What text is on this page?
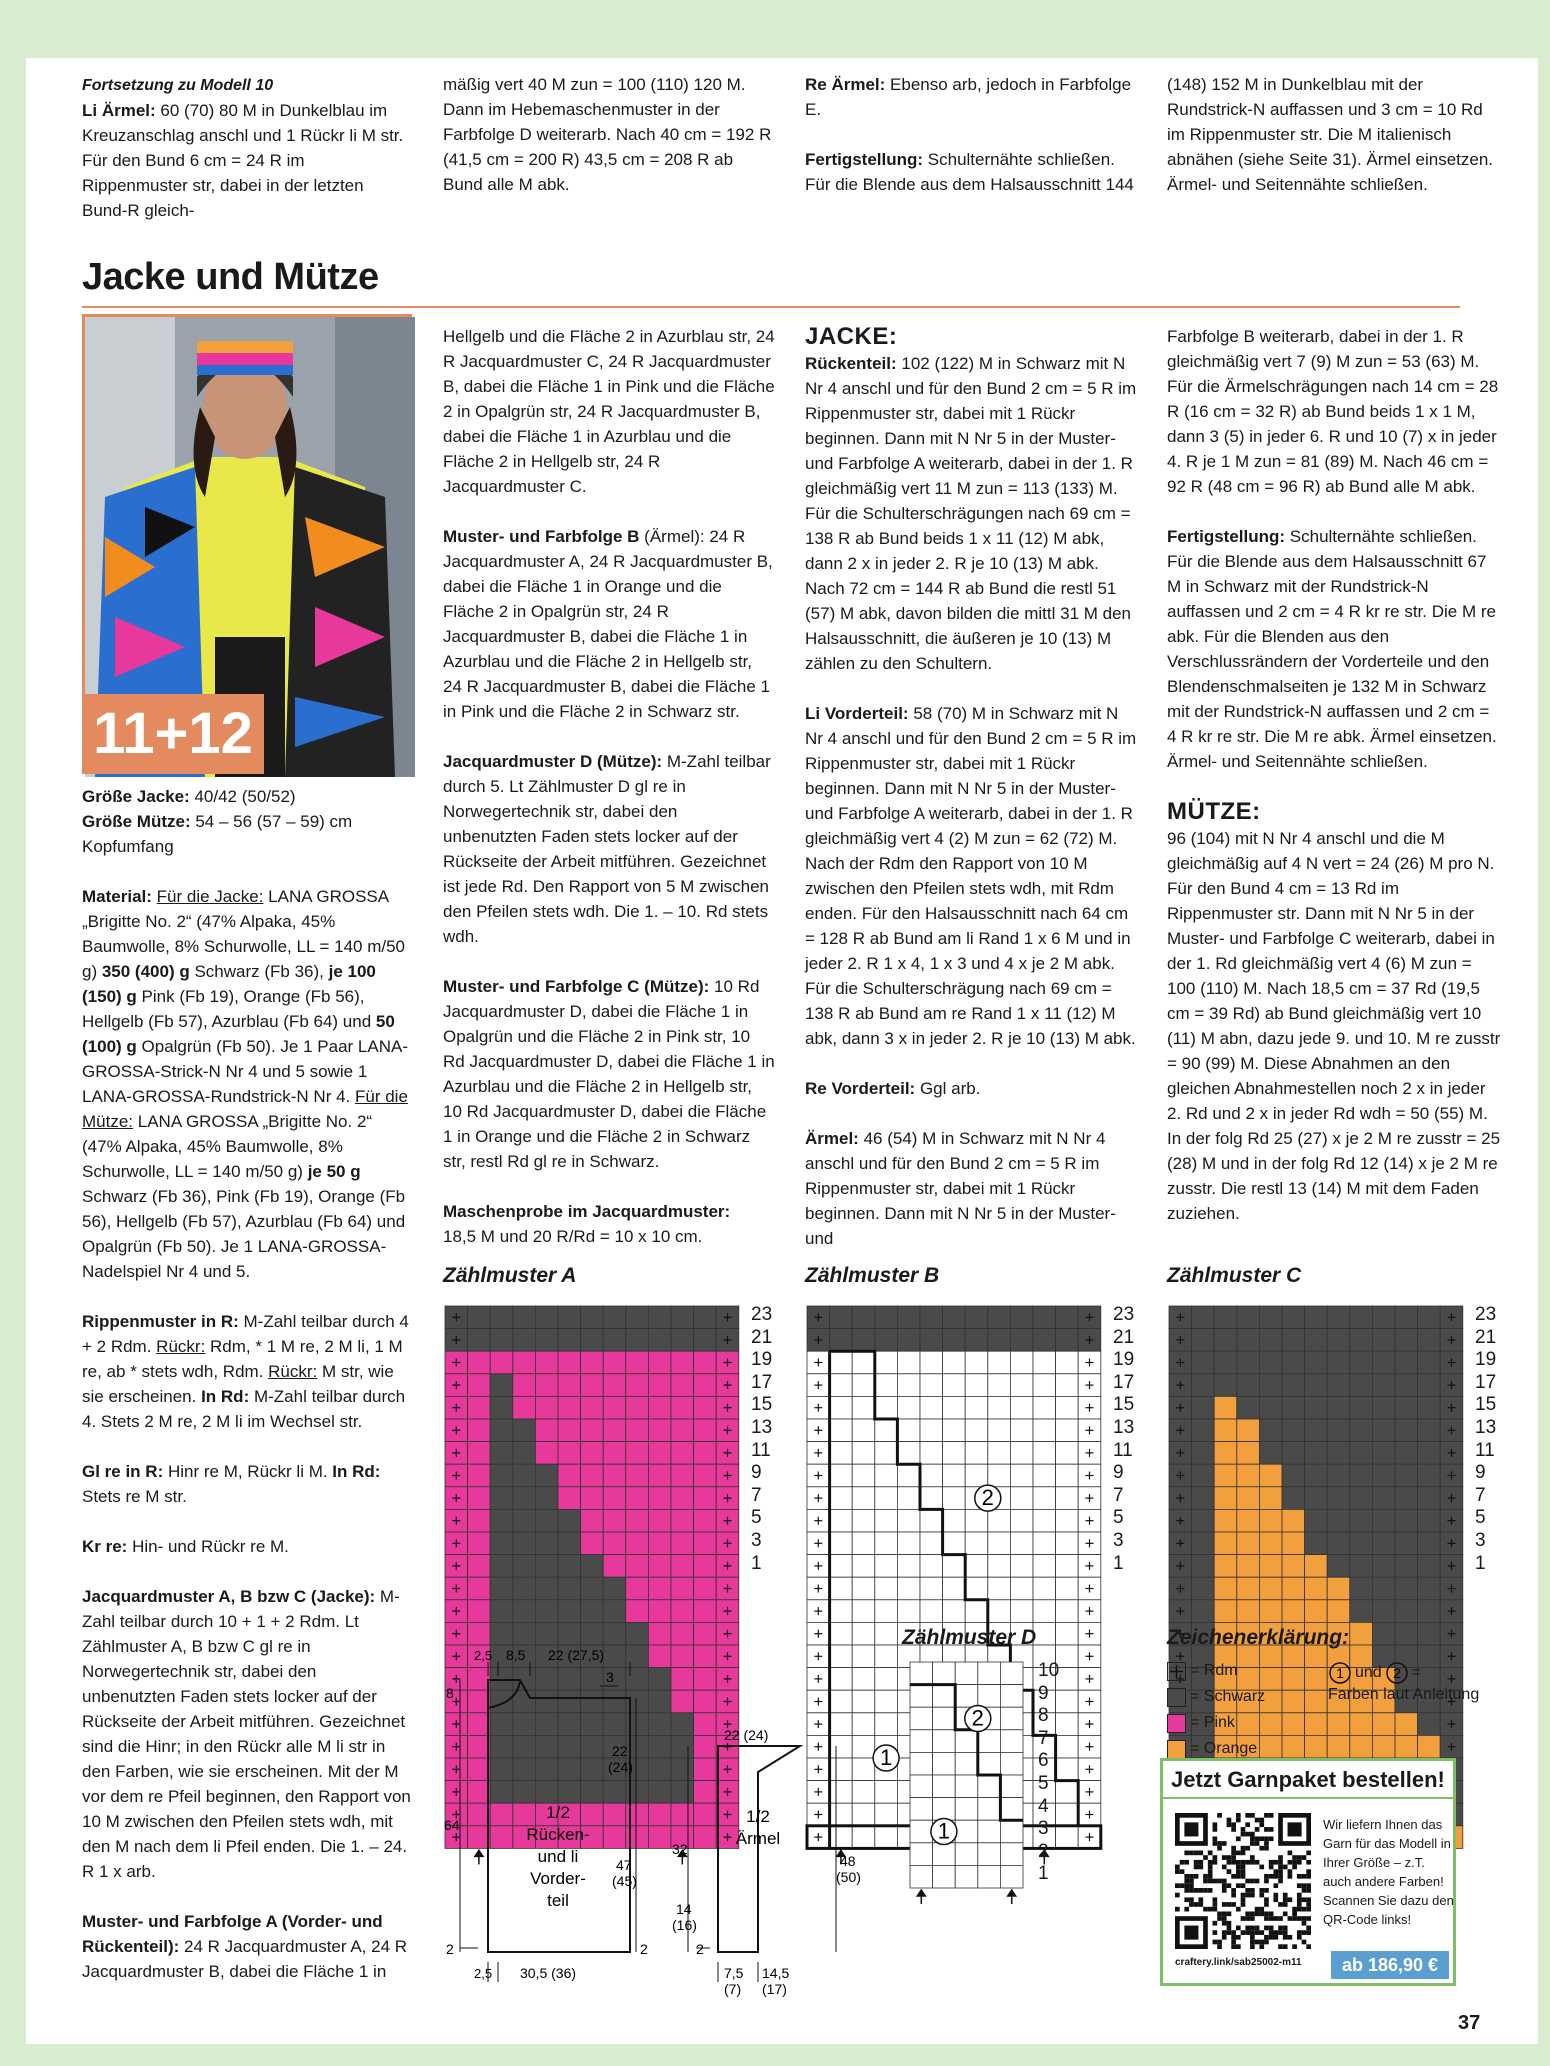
Fortsetzung zu Modell 10
Li Ärmel: 60 (70) 80 M in Dunkelblau im Kreuzanschlag anschl und 1 Rückr li M str. Für den Bund 6 cm = 24 R im Rippenmuster str, dabei in der letzten Bund-R gleich-
mäßig vert 40 M zun = 100 (110) 120 M. Dann im Hebemaschenmuster in der Farbfolge D weiterarb. Nach 40 cm = 192 R (41,5 cm = 200 R) 43,5 cm = 208 R ab Bund alle M abk.

Re Ärmel: Ebenso arb, jedoch in Farbfolge E.

Fertigstellung: Schulternähte schließen. Für die Blende aus dem Halsausschnitt 144

(148) 152 M in Dunkelblau mit der Rundstrick-N auffassen und 3 cm = 10 Rd im Rippenmuster str. Die M italienisch abnähen (siehe Seite 31). Ärmel einsetzen. Ärmel- und Seitennähte schließen.
Jacke und Mütze
11+12

Größe Jacke: 40/42 (50/52)

Größe Mütze: 54 – 56 (57 – 59) cm Kopfumfang

Material: Für die Jacke: LANA GROSSA „Brigitte No. 2“ (47% Alpaka, 45% Baumwolle, 8% Schurwolle, LL = 140 m/50 g) 350 (400) g Schwarz (Fb 36), je 100 (150) g Pink (Fb 19), Orange (Fb 56), Hellgelb (Fb 57), Azurblau (Fb 64) und 50 (100) g Opalgrün (Fb 50). Je 1 Paar LANA-GROSSA-Strick-N Nr 4 und 5 sowie 1 LANA-GROSSA-Rundstrick-N Nr 4. Für die Mütze: LANA GROSSA „Brigitte No. 2“ (47% Alpaka, 45% Baumwolle, 8% Schurwolle, LL = 140 m/50 g) je 50 g Schwarz (Fb 36), Pink (Fb 19), Orange (Fb 56), Hellgelb (Fb 57), Azurblau (Fb 64) und Opalgrün (Fb 50). Je 1 LANA-GROSSA-Nadelspiel Nr 4 und 5.

Rippenmuster in R: M-Zahl teilbar durch 4 + 2 Rdm. Rückr: Rdm, * 1 M re, 2 M li, 1 M re, ab * stets wdh, Rdm. Rückr: M str, wie sie erscheinen. In Rd: M-Zahl teilbar durch 4. Stets 2 M re, 2 M li im Wechsel str.

Gl re in R: Hinr re M, Rückr li M. In Rd: Stets re M str.

Kr re: Hin- und Rückr re M.

Jacquardmuster A, B bzw C (Jacke): M-Zahl teilbar durch 10 + 1 + 2 Rdm. Lt Zählmuster A, B bzw C gl re in Norwegertechnik str, dabei den unbenutzten Faden stets locker auf der Rückseite der Arbeit mitführen. Gezeichnet sind die Hinr; in den Rückr alle M li str in den Farben, wie sie erscheinen. Mit der M vor dem re Pfeil beginnen, den Rapport von 10 M zwischen den Pfeilen stets wdh, mit den M nach dem li Pfeil enden. Die 1. – 24. R 1 x arb.

Muster- und Farbfolge A (Vorder- und Rückenteil): 24 R Jacquardmuster A, 24 R Jacquardmuster B, dabei die Fläche 1 in

Hellgelb und die Fläche 2 in Azurblau str, 24 R Jacquardmuster C, 24 R Jacquardmuster B, dabei die Fläche 1 in Pink und die Fläche 2 in Opalgrün str, 24 R Jacquardmuster B, dabei die Fläche 1 in Azurblau und die Fläche 2 in Hellgelb str, 24 R Jacquardmuster C.

Muster- und Farbfolge B (Ärmel): 24 R Jacquardmuster A, 24 R Jacquardmuster B, dabei die Fläche 1 in Orange und die Fläche 2 in Opalgrün str, 24 R Jacquardmuster B, dabei die Fläche 1 in Azurblau und die Fläche 2 in Hellgelb str, 24 R Jacquardmuster B, dabei die Fläche 1 in Pink und die Fläche 2 in Schwarz str.

Jacquardmuster D (Mütze): M-Zahl teilbar durch 5. Lt Zählmuster D gl re in Norwegertechnik str, dabei den unbenutzten Faden stets locker auf der Rückseite der Arbeit mitführen. Gezeichnet ist jede Rd. Den Rapport von 5 M zwischen den Pfeilen stets wdh. Die 1. – 10. Rd stets wdh.

Muster- und Farbfolge C (Mütze): 10 Rd Jacquardmuster D, dabei die Fläche 1 in Opalgrün und die Fläche 2 in Pink str, 10 Rd Jacquardmuster D, dabei die Fläche 1 in Azurblau und die Fläche 2 in Hellgelb str, 10 Rd Jacquardmuster D, dabei die Fläche 1 in Orange und die Fläche 2 in Schwarz str, restl Rd gl re in Schwarz.

Maschenprobe im Jacquardmuster:
18,5 M und 20 R/Rd = 10 x 10 cm.

JACKE:

Rückenteil: 102 (122) M in Schwarz mit N Nr 4 anschl und für den Bund 2 cm = 5 R im Rippenmuster str, dabei mit 1 Rückr beginnen. Dann mit N Nr 5 in der Muster- und Farbfolge A weiterarb, dabei in der 1. R gleichmäßig vert 11 M zun = 113 (133) M. Für die Schulterschrägungen nach 69 cm = 138 R ab Bund beids 1 x 11 (12) M abk, dann 2 x in jeder 2. R je 10 (13) M abk. Nach 72 cm = 144 R ab Bund die restl 51 (57) M abk, davon bilden die mittl 31 M den Halsausschnitt, die äußeren je 10 (13) M zählen zu den Schultern.

Li Vorderteil: 58 (70) M in Schwarz mit N Nr 4 anschl und für den Bund 2 cm = 5 R im Rippenmuster str, dabei mit 1 Rückr beginnen. Dann mit N Nr 5 in der Muster- und Farbfolge A weiterarb, dabei in der 1. R gleichmäßig vert 4 (2) M zun = 62 (72) M. Nach der Rdm den Rapport von 10 M zwischen den Pfeilen stets wdh, mit Rdm enden. Für den Halsausschnitt nach 64 cm = 128 R ab Bund am li Rand 1 x 6 M und in jeder 2. R 1 x 4, 1 x 3 und 4 x je 2 M abk. Für die Schulterschrägung nach 69 cm = 138 R ab Bund am re Rand 1 x 11 (12) M abk, dann 3 x in jeder 2. R je 10 (13) M abk.

Re Vorderteil: Ggl arb.

Ärmel: 46 (54) M in Schwarz mit N Nr 4 anschl und für den Bund 2 cm = 5 R im Rippenmuster str, dabei mit 1 Rückr beginnen. Dann mit N Nr 5 in der Muster- und

Farbfolge B weiterarb, dabei in der 1. R gleichmäßig vert 7 (9) M zun = 53 (63) M. Für die Ärmelschrägungen nach 14 cm = 28 R (16 cm = 32 R) ab Bund beids 1 x 1 M, dann 3 (5) in jeder 6. R und 10 (7) x in jeder 4. R je 1 M zun = 81 (89) M. Nach 46 cm = 92 R (48 cm = 96 R) ab Bund alle M abk.

Fertigstellung: Schulternähte schließen. Für die Blende aus dem Halsausschnitt 67 M in Schwarz mit der Rundstrick-N auffassen und 2 cm = 4 R kr re str. Die M re abk. Für die Blenden aus den Verschlussrändern der Vorderteile und den Blendenschmalseiten je 132 M in Schwarz mit der Rundstrick-N auffassen und 2 cm = 4 R kr re str. Die M re abk. Ärmel einsetzen. Ärmel- und Seitennähte schließen.

MÜTZE:

96 (104) mit N Nr 4 anschl und die M gleichmäßig auf 4 N vert = 24 (26) M pro N. Für den Bund 4 cm = 13 Rd im Rippenmuster str. Dann mit N Nr 5 in der Muster- und Farbfolge C weiterarb, dabei in der 1. Rd gleichmäßig vert 4 (6) M zun = 100 (110) M. Nach 18,5 cm = 37 Rd (19,5 cm = 39 Rd) ab Bund gleichmäßig vert 10 (11) M abn, dazu jede 9. und 10. M re zusstr = 90 (99) M. Diese Abnahmen an den gleichen Abnahmestellen noch 2 x in jeder 2. Rd und 2 x in jeder Rd wdh = 50 (55) M. In der folg Rd 25 (27) x je 2 M re zusstr = 25 (28) M und in der folg Rd 12 (14) x je 2 M re zusstr. Die restl 13 (14) M mit dem Faden zuziehen.

Zählmuster A	Zählmuster B	Zählmuster C
2
1
23
21
19
17
15
13
11
9
7
5
3
1
23
21
19
17
15
13
11
9
7
5
3
1
23
21
19
17
15
13
11
9
7
5
3
1
2,5 8,5 22 (27,5)
8
3
22
(24)
64
47
(45)
2	2
1/2
Rücken-
und li
Vorder-
teil
2,5 30,5 (36)
22 (24)
32
48
(50)
14
(16)
2
1/2
Ärmel
7,5
(7)
14,5
(17)
Zählmuster D
2
1
10
9
8
7
6
5
4
3
2
1
Zeichenerklärung:
= Rdm
= Schwarz
= Pink
= Orange
1 und 2 =
Farben laut Anleitung
Jetzt Garnpaket bestellen!
Wir liefern Ihnen das Garn für das Modell in Ihrer Größe – z.T. auch andere Farben! Scannen Sie dazu den QR-Code links!
craftery.link/sab25002-m11	ab 186,90 €
37
